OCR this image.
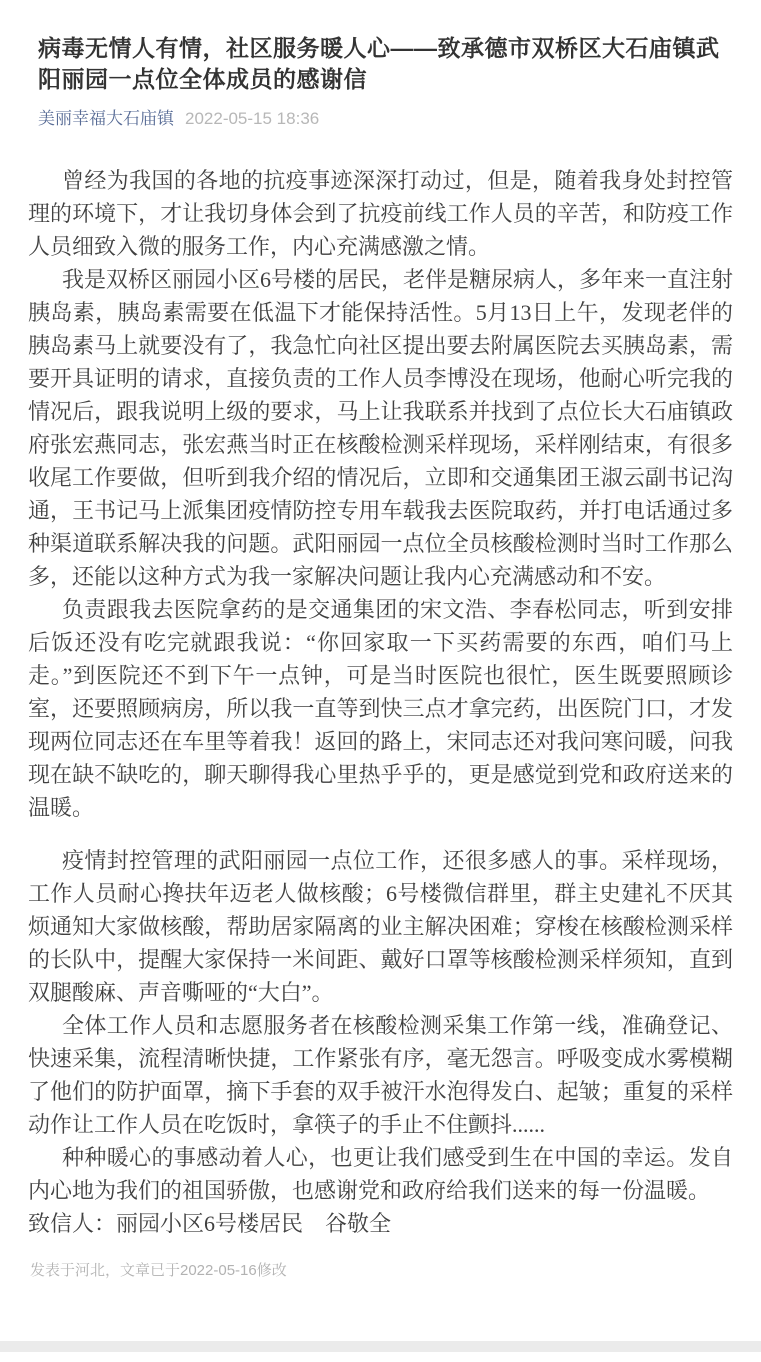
病毒无情人有情，社区服务暖人心——致承德市双桥区大石庙镇武阳丽园一点位全体成员的感谢信
美丽幸福大石庙镇 2022-05-15 18:36

曾经为我国的各地的抗疫事迹深深打动过，但是，随着我身处封控管理的环境下，才让我切身体会到了抗疫前线工作人员的辛苦，和防疫工作人员细致入微的服务工作，内心充满感激之情。

我是双桥区丽园小区6号楼的居民，老伴是糖尿病人，多年来一直注射胰岛素，胰岛素需要在低温下才能保持活性。5月13日上午，发现老伴的胰岛素马上就要没有了，我急忙向社区提出要去附属医院去买胰岛素，需要开具证明的请求，直接负责的工作人员李博没在现场，他耐心听完我的情况后，跟我说明上级的要求，马上让我联系并找到了点位长大石庙镇政府张宏燕同志，张宏燕当时正在核酸检测采样现场，采样刚结束，有很多收尾工作要做，但听到我介绍的情况后，立即和交通集团王淑云副书记沟通，王书记马上派集团疫情防控专用车载我去医院取药，并打电话通过多种渠道联系解决我的问题。武阳丽园一点位全员核酸检测时当时工作那么多，还能以这种方式为我一家解决问题让我内心充满感动和不安。

负责跟我去医院拿药的是交通集团的宋文浩、李春松同志，听到安排后饭还没有吃完就跟我说：“你回家取一下买药需要的东西，咱们马上走。”到医院还不到下午一点钟，可是当时医院也很忙，医生既要照顾诊室，还要照顾病房，所以我一直等到快三点才拿完药，出医院门口，才发现两位同志还在车里等着我！返回的路上，宋同志还对我问寒问暖，问我现在缺不缺吃的，聊天聊得我心里热乎乎的，更是感觉到党和政府送来的温暖。

疫情封控管理的武阳丽园一点位工作，还很多感人的事。采样现场，工作人员耐心搀扶年迈老人做核酸；6号楼微信群里，群主史建礼不厌其烦通知大家做核酸，帮助居家隔离的业主解决困难；穿梭在核酸检测采样的长队中，提醒大家保持一米间距、戴好口罩等核酸检测采样须知，直到双腿酸麻、声音嘶哑的“大白”。

全体工作人员和志愿服务者在核酸检测采集工作第一线，准确登记、快速采集，流程清晰快捷，工作紧张有序，毫无怨言。呼吸变成水雾模糊了他们的防护面罩，摘下手套的双手被汗水泡得发白、起皱；重复的采样动作让工作人员在吃饭时，拿筷子的手止不住颤抖......

种种暖心的事感动着人心，也更让我们感受到生在中国的幸运。发自内心地为我们的祖国骄傲，也感谢党和政府给我们送来的每一份温暖。

致信人：丽园小区6号楼居民　谷敬全

发表于河北，文章已于2022-05-16修改
